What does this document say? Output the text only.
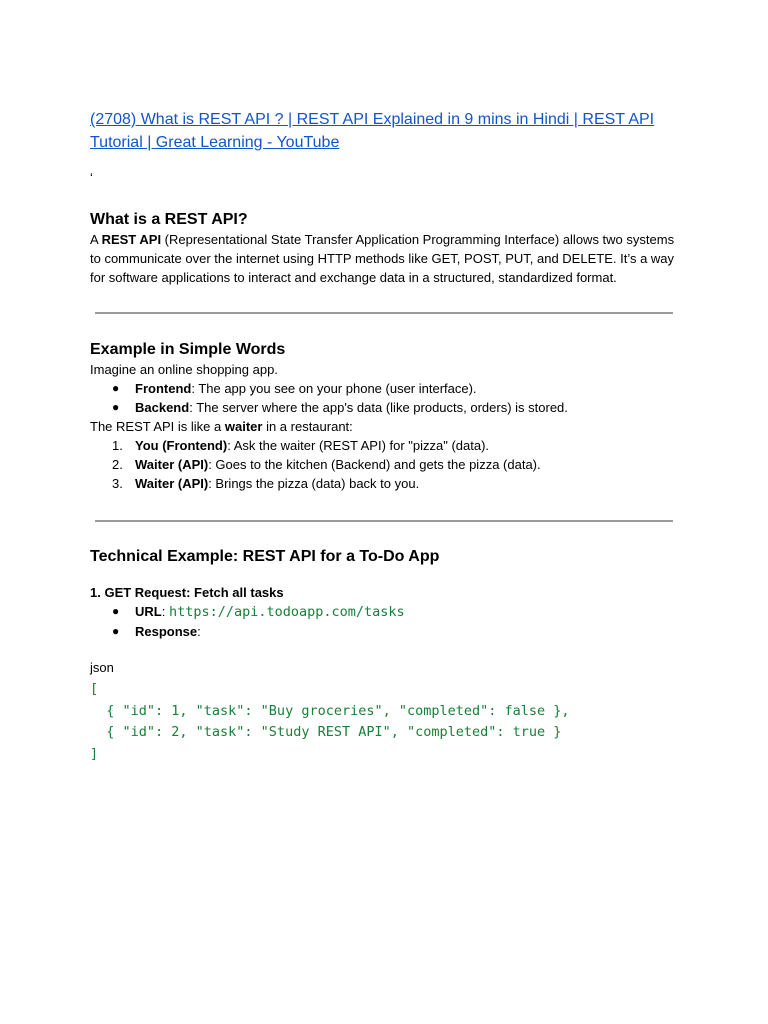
(2708) What is REST API ? | REST API Explained in 9 mins in Hindi | REST API Tutorial | Great Learning - YouTube
‘
What is a REST API?

A REST API (Representational State Transfer Application Programming Interface) allows two systems to communicate over the internet using HTTP methods like GET, POST, PUT, and DELETE. It’s a way for software applications to interact and exchange data in a structured, standardized format.

Example in Simple Words

Imagine an online shopping app.

● Frontend: The app you see on your phone (user interface).
● Backend: The server where the app's data (like products, orders) is stored.

The REST API is like a waiter in a restaurant:

1. You (Frontend): Ask the waiter (REST API) for "pizza" (data).
2. Waiter (API): Goes to the kitchen (Backend) and gets the pizza (data).
3. Waiter (API): Brings the pizza (data) back to you.
Technical Example: REST API for a To-Do App
1. GET Request: Fetch all tasks
● URL: https://api.todoapp.com/tasks
● Response:
json
[
{ "id": 1, "task": "Buy groceries", "completed": false },
{ "id": 2, "task": "Study REST API", "completed": true }
]
